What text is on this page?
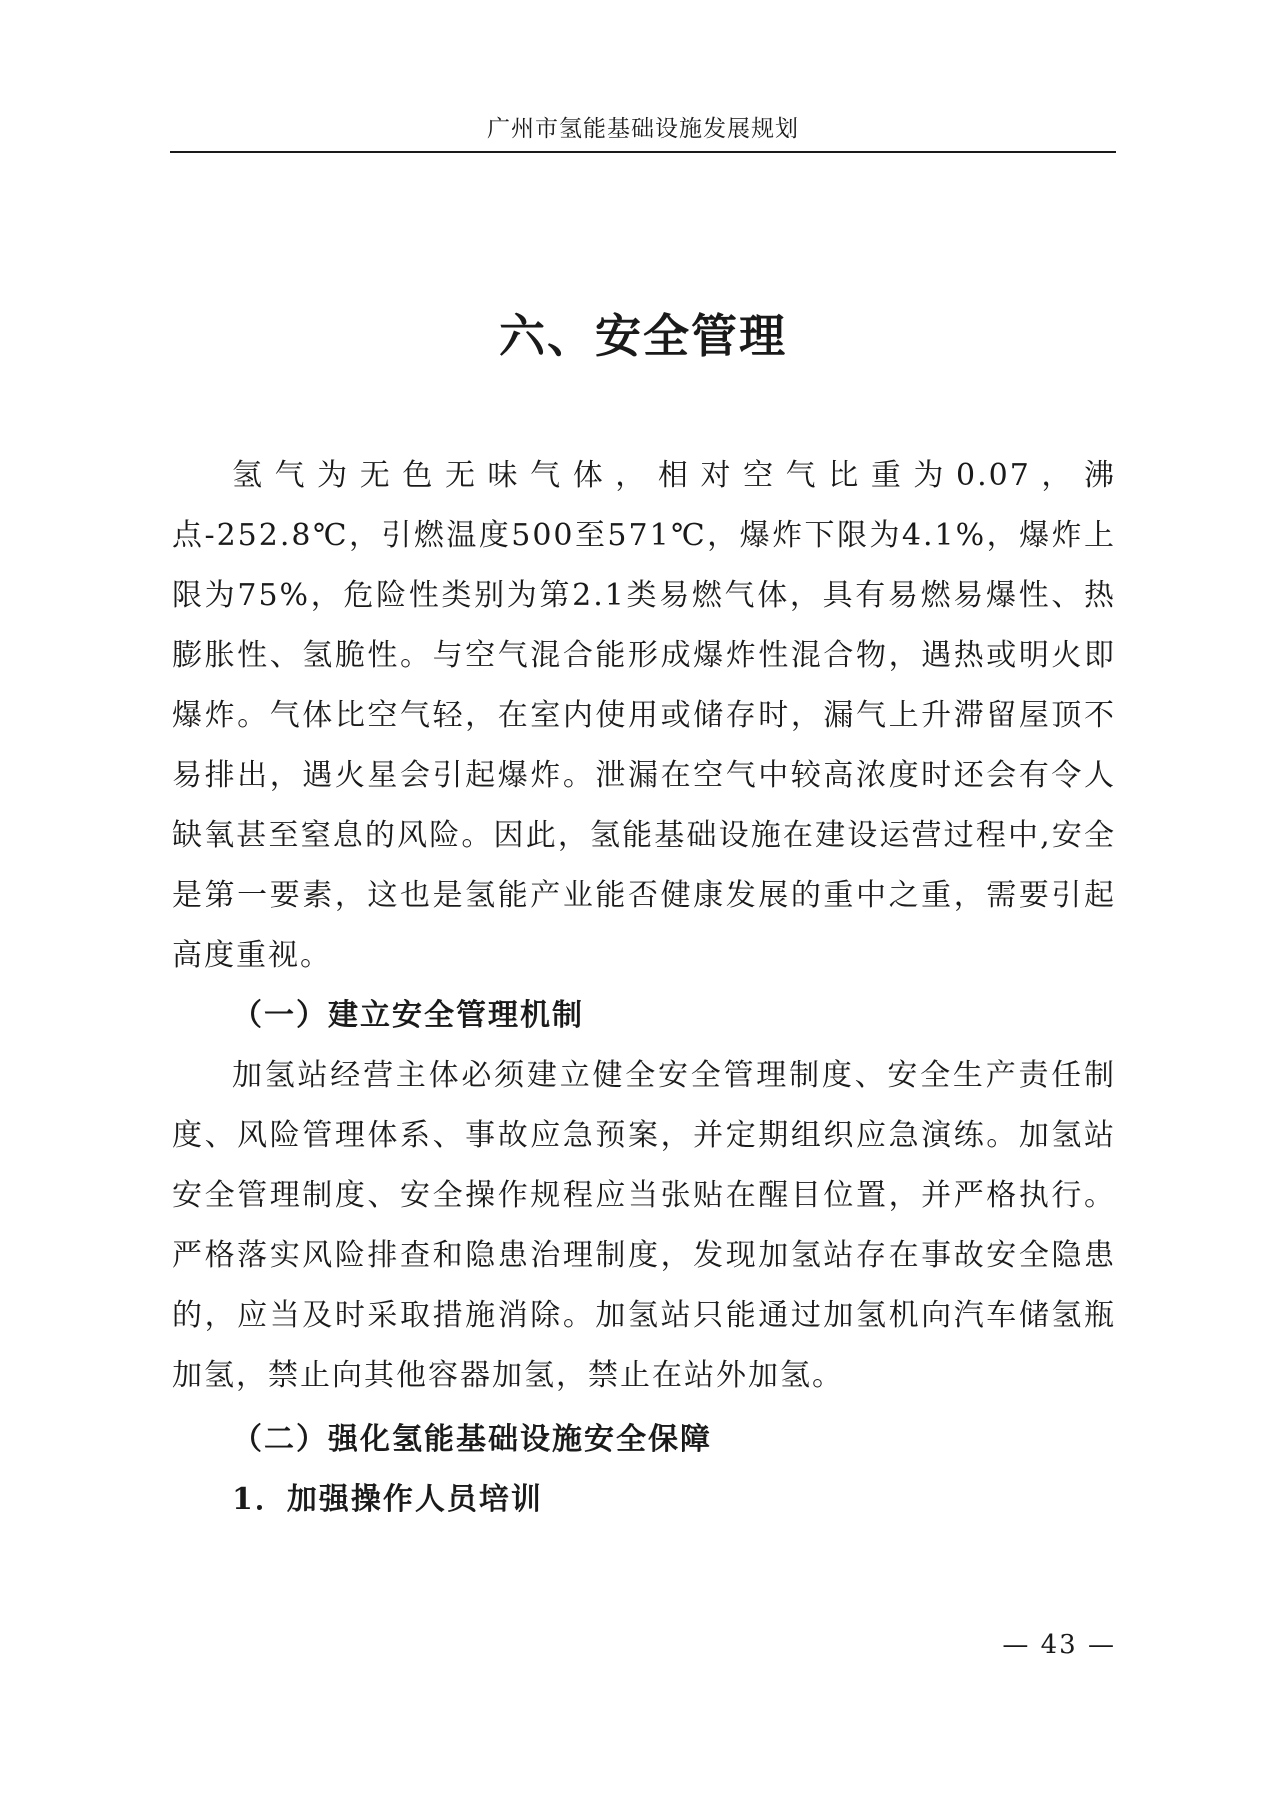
广州市氢能基础设施发展规划
六、安全管理

氢气为无色无味气体，相对空气比重为0.07，沸点-252.8℃，引燃温度500至571℃，爆炸下限为4.1%，爆炸上限为75%，危险性类别为第2.1类易燃气体，具有易燃易爆性、热膨胀性、氢脆性。与空气混合能形成爆炸性混合物，遇热或明火即爆炸。气体比空气轻，在室内使用或储存时，漏气上升滞留屋顶不易排出，遇火星会引起爆炸。泄漏在空气中较高浓度时还会有令人缺氧甚至窒息的风险。因此，氢能基础设施在建设运营过程中,安全是第一要素，这也是氢能产业能否健康发展的重中之重，需要引起高度重视。

（一）建立安全管理机制

加氢站经营主体必须建立健全安全管理制度、安全生产责任制度、风险管理体系、事故应急预案，并定期组织应急演练。加氢站安全管理制度、安全操作规程应当张贴在醒目位置，并严格执行。严格落实风险排查和隐患治理制度，发现加氢站存在事故安全隐患的，应当及时采取措施消除。加氢站只能通过加氢机向汽车储氢瓶加氢，禁止向其他容器加氢，禁止在站外加氢。

（二）强化氢能基础设施安全保障

1．加强操作人员培训

— 43 —
